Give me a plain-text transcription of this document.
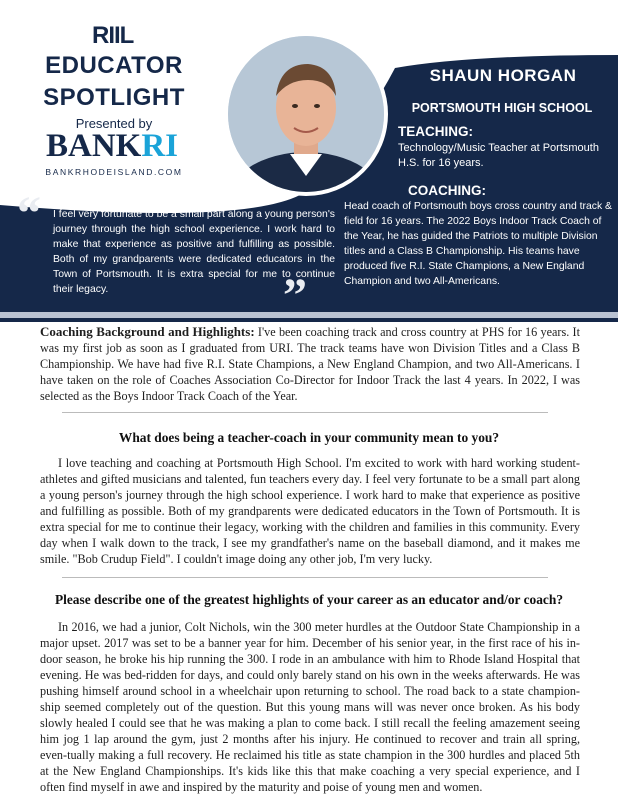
RIIL
EDUCATOR
SPOTLIGHT
Presented by
BANKRI
BANKRHODEISLAND.COM
SHAUN HORGAN
PORTSMOUTH HIGH SCHOOL
TEACHING:
Technology/Music Teacher at Portsmouth H.S. for 16 years.
COACHING:
Head coach of Portsmouth boys cross country and track & field for 16 years. The 2022 Boys Indoor Track Coach of the Year, he has guided the Patriots to multiple Division titles and a Class B Championship. His teams have produced five R.I. State Champions, a New England Champion and two All-Americans.
“ I feel very fortunate to be a small part along a young person's journey through the high school experience. I work hard to make that experience as positive and fulfilling as possible. Both of my grandparents were dedicated educators in the Town of Portsmouth. It is extra special for me to continue their legacy.	”

Coaching Background and Highlights: I've been coaching track and cross country at PHS for 16 years. It was my first job as soon as I graduated from URI. The track teams have won Division Titles and a Class B Championship. We have had five R.I. State Champions, a New England Champion, and two All-Americans. I have taken on the role of Coaches Association Co-Director for Indoor Track the last 4 years. In 2022, I was selected as the Boys Indoor Track Coach of the Year.

What does being a teacher-coach in your community mean to you?

I love teaching and coaching at Portsmouth High School. I'm excited to work with hard working student-athletes and gifted musicians and talented, fun teachers every day. I feel very fortunate to be a small part along a young person's journey through the high school experience. I work hard to make that experience as positive and fulfilling as possible. Both of my grandparents were dedicated educators in the Town of Portsmouth. It is extra special for me to continue their legacy, working with the children and families in this community. Every day when I walk down to the track, I see my grandfather's name on the baseball diamond, and it makes me smile. "Bob Crudup Field". I couldn't image doing any other job, I'm very lucky.

Please describe one of the greatest highlights of your career as an educator and/or coach?

In 2016, we had a junior, Colt Nichols, win the 300 meter hurdles at the Outdoor State Championship in a major upset. 2017 was set to be a banner year for him. December of his senior year, in the first race of his in-door season, he broke his hip running the 300. I rode in an ambulance with him to Rhode Island Hospital that evening. He was bed-ridden for days, and could only barely stand on his own in the weeks afterwards. He was pushing himself around school in a wheelchair upon returning to school. The road back to a state champion-ship seemed completely out of the question. But this young mans will was never once broken. As his body slowly healed I could see that he was making a plan to come back. I still recall the feeling amazement seeing him jog 1 lap around the gym, just 2 months after his injury. He continued to recover and train all spring, even-tually making a full recovery. He reclaimed his title as state champion in the 300 hurdles and placed 5th at the New England Championships. It's kids like this that make coaching a very special experience, and I often find myself in awe and inspired by the maturity and poise of young men and women.
